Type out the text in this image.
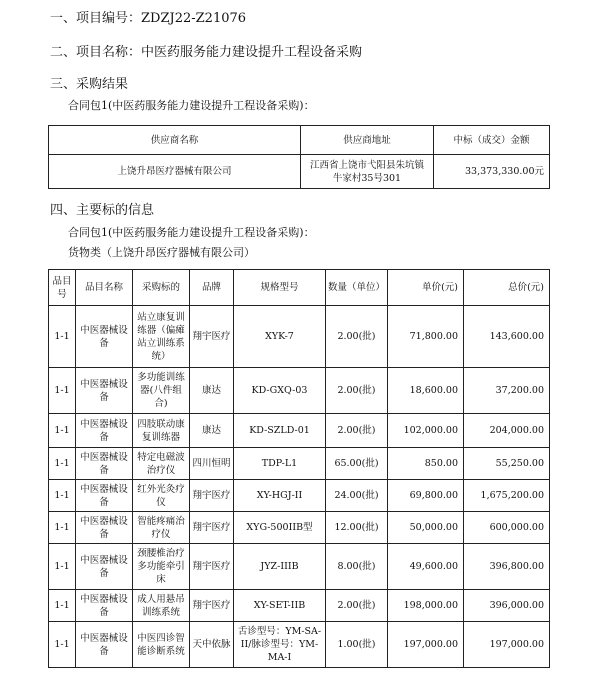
一、项目编号：ZDZJ22-Z21076
二、项目名称：中医药服务能力建设提升工程设备采购
三、采购结果
合同包1(中医药服务能力建设提升工程设备采购)：
供应商名称	供应商地址	中标（成交）金额
上饶升昂医疗器械有限公司	江西省上饶市弋阳县朱坑镇牛家村35号301	33,373,330.00元
四、主要标的信息
合同包1(中医药服务能力建设提升工程设备采购)：
货物类（上饶升昂医疗器械有限公司）
品目号	品目名称	采购标的	品牌	规格型号	数量（单位）	单价(元)	总价(元)
1-1	中医器械设备	站立康复训练器（偏瘫站立训练系统）	翔宇医疗	XYK-7	2.00(批)	71,800.00	143,600.00
1-1	中医器械设备	多功能训练器(八件组合)	康达	KD-GXQ-03	2.00(批)	18,600.00	37,200.00
1-1	中医器械设备	四肢联动康复训练器	康达	KD-SZLD-01	2.00(批)	102,000.00	204,000.00
1-1	中医器械设备	特定电磁波治疗仪	四川恒明	TDP-L1	65.00(批)	850.00	55,250.00
1-1	中医器械设备	红外光灸疗仪	翔宇医疗	XY-HGJ-II	24.00(批)	69,800.00	1,675,200.00
1-1	中医器械设备	智能疼痛治疗仪	翔宇医疗	XYG-500IIB型	12.00(批)	50,000.00	600,000.00
1-1	中医器械设备	颈腰椎治疗多功能牵引床	翔宇医疗	JYZ-IIIB	8.00(批)	49,600.00	396,800.00
1-1	中医器械设备	成人用悬吊训练系统	翔宇医疗	XY-SET-IIB	2.00(批)	198,000.00	396,000.00
1-1	中医器械设备	中医四诊智能诊断系统	天中依脉	舌诊型号：YM-SA-II/脉诊型号：YM-MA-I	1.00(批)	197,000.00	197,000.00
